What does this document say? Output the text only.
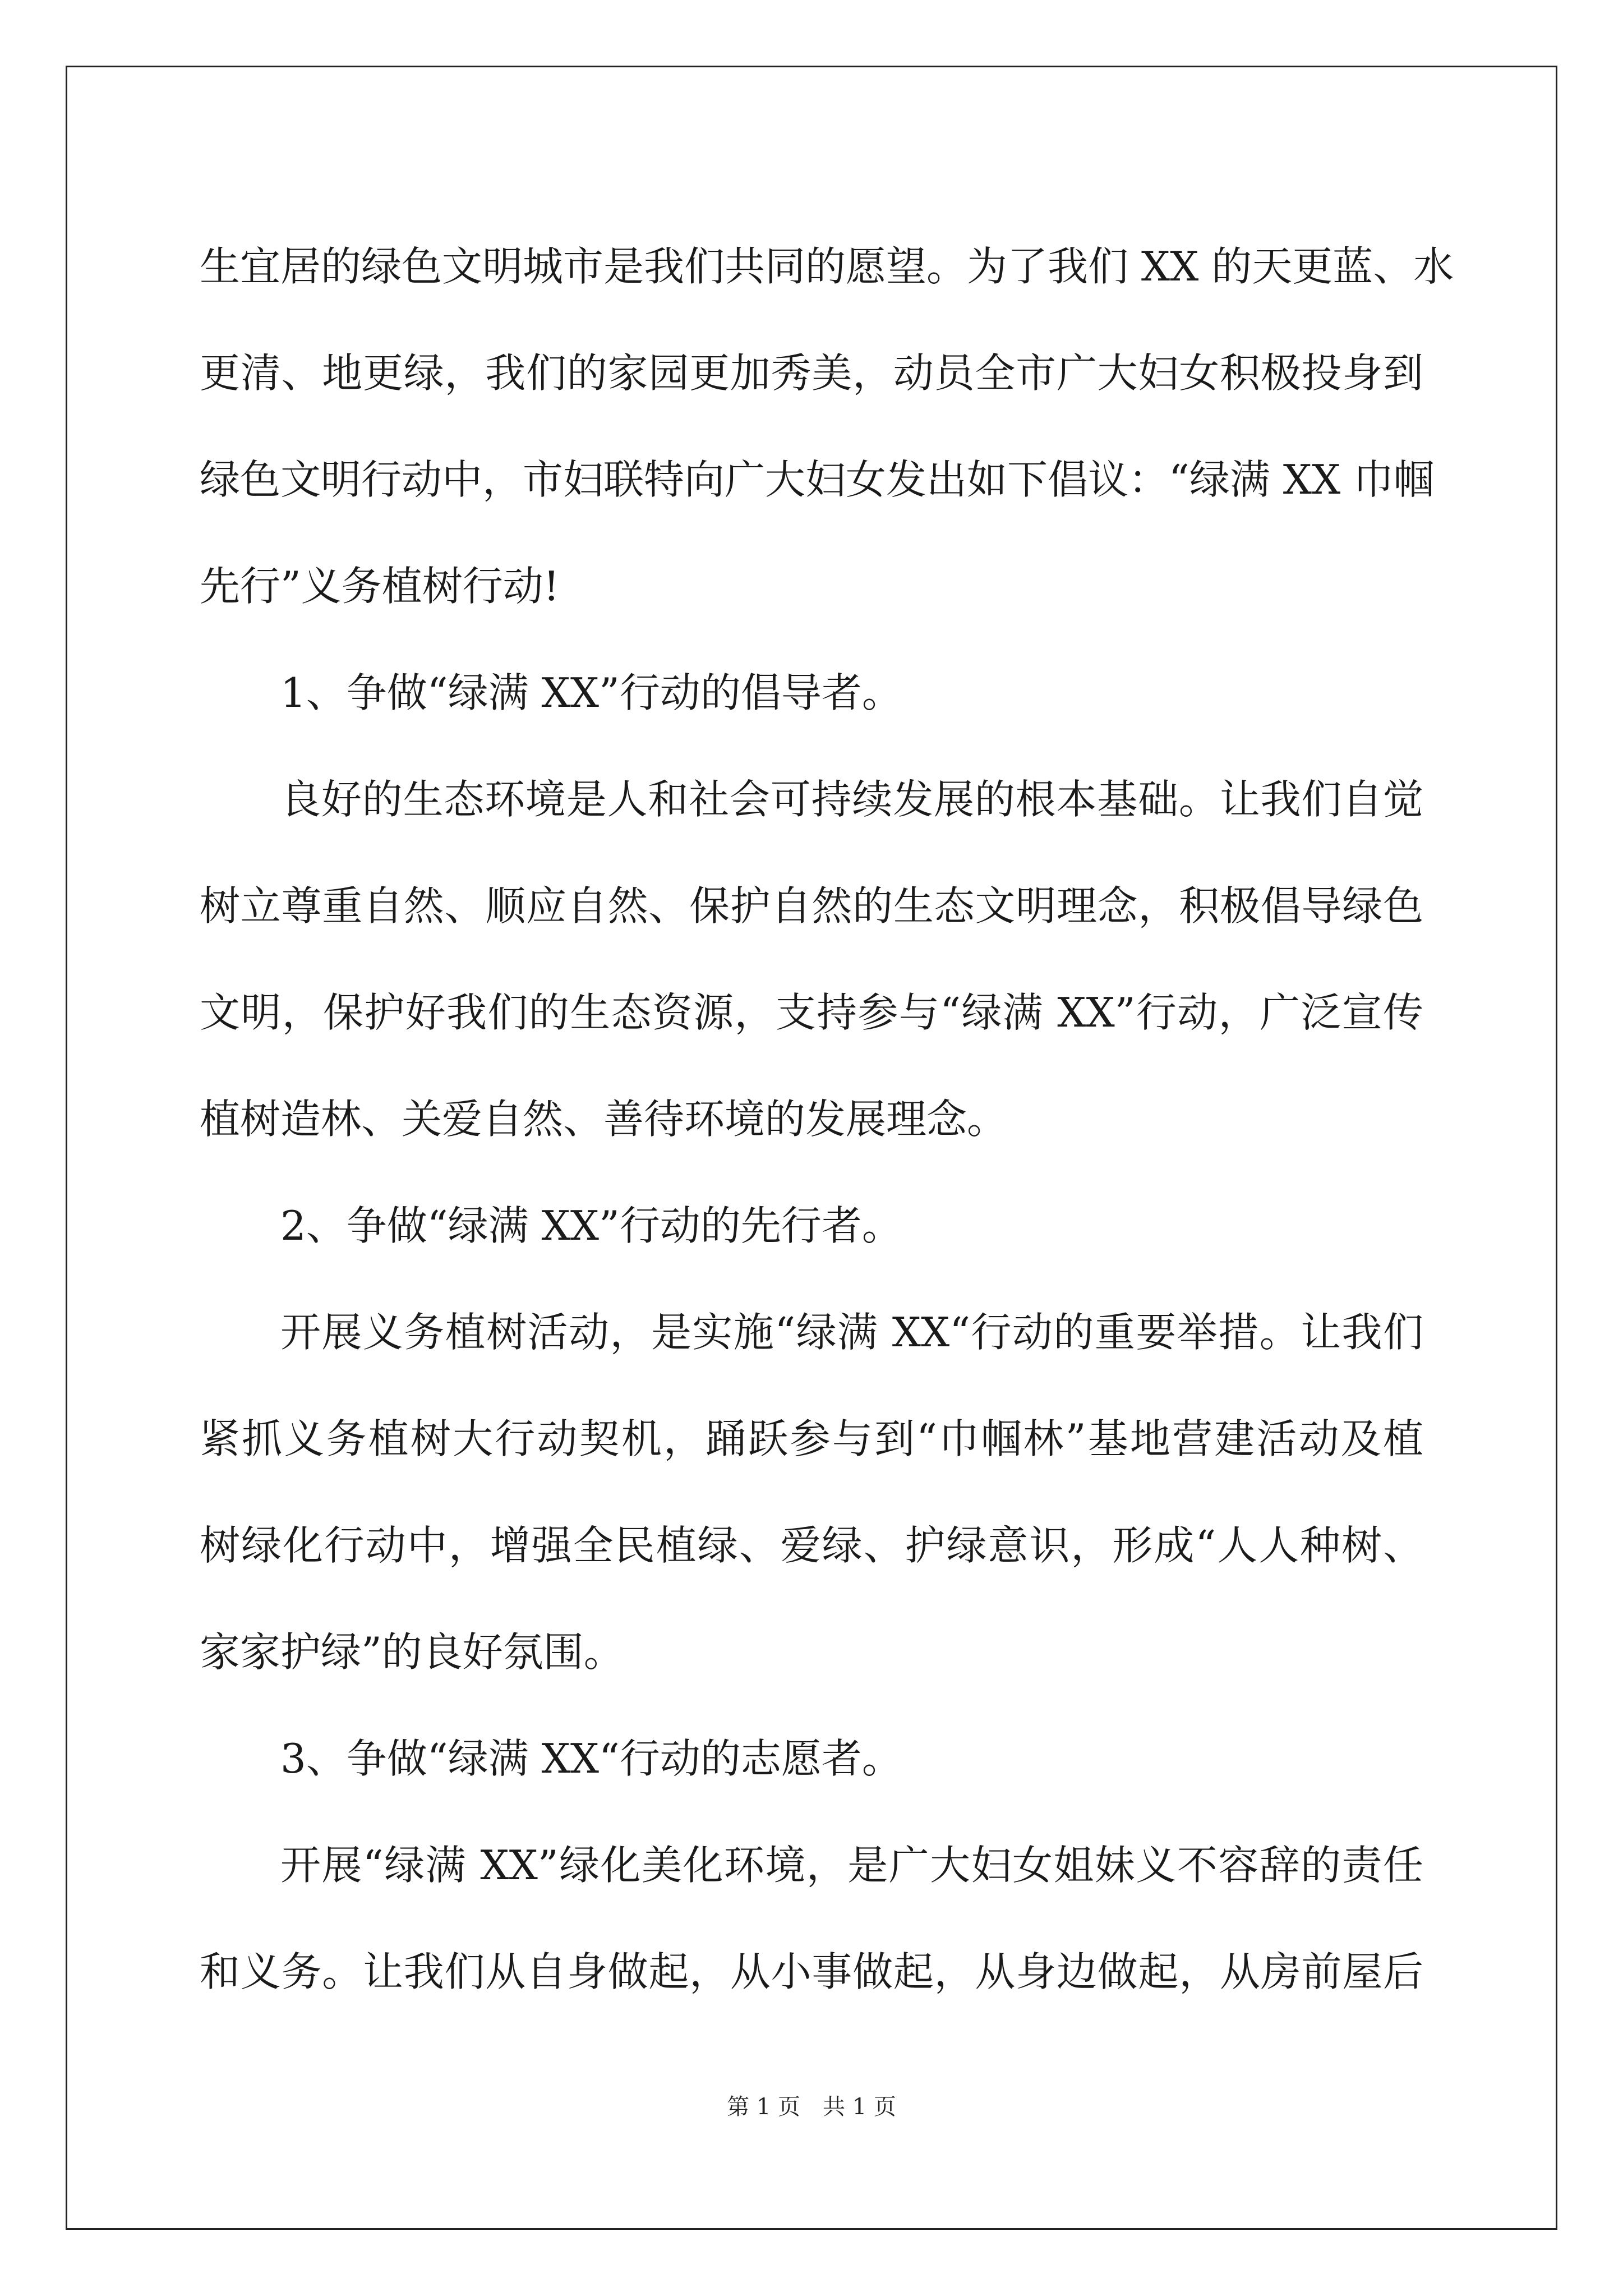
生宜居的绿色文明城市是我们共同的愿望。为了我们 XX 的天更蓝、水
更清、地更绿，我们的家园更加秀美，动员全市广大妇女积极投身到
绿色文明行动中，市妇联特向广大妇女发出如下倡议：“绿满 XX 巾帼
先行”义务植树行动!
1、争做“绿满 XX”行动的倡导者。
良好的生态环境是人和社会可持续发展的根本基础。让我们自觉
树立尊重自然、顺应自然、保护自然的生态文明理念，积极倡导绿色
文明，保护好我们的生态资源，支持参与“绿满 XX”行动，广泛宣传
植树造林、关爱自然、善待环境的发展理念。
2、争做“绿满 XX”行动的先行者。
开展义务植树活动，是实施“绿满 XX“行动的重要举措。让我们
紧抓义务植树大行动契机，踊跃参与到“巾帼林”基地营建活动及植
树绿化行动中，增强全民植绿、爱绿、护绿意识，形成“人人种树、
家家护绿”的良好氛围。
3、争做“绿满 XX“行动的志愿者。
开展“绿满 XX”绿化美化环境，是广大妇女姐妹义不容辞的责任
和义务。让我们从自身做起，从小事做起，从身边做起，从房前屋后
第 1 页 共 1 页
